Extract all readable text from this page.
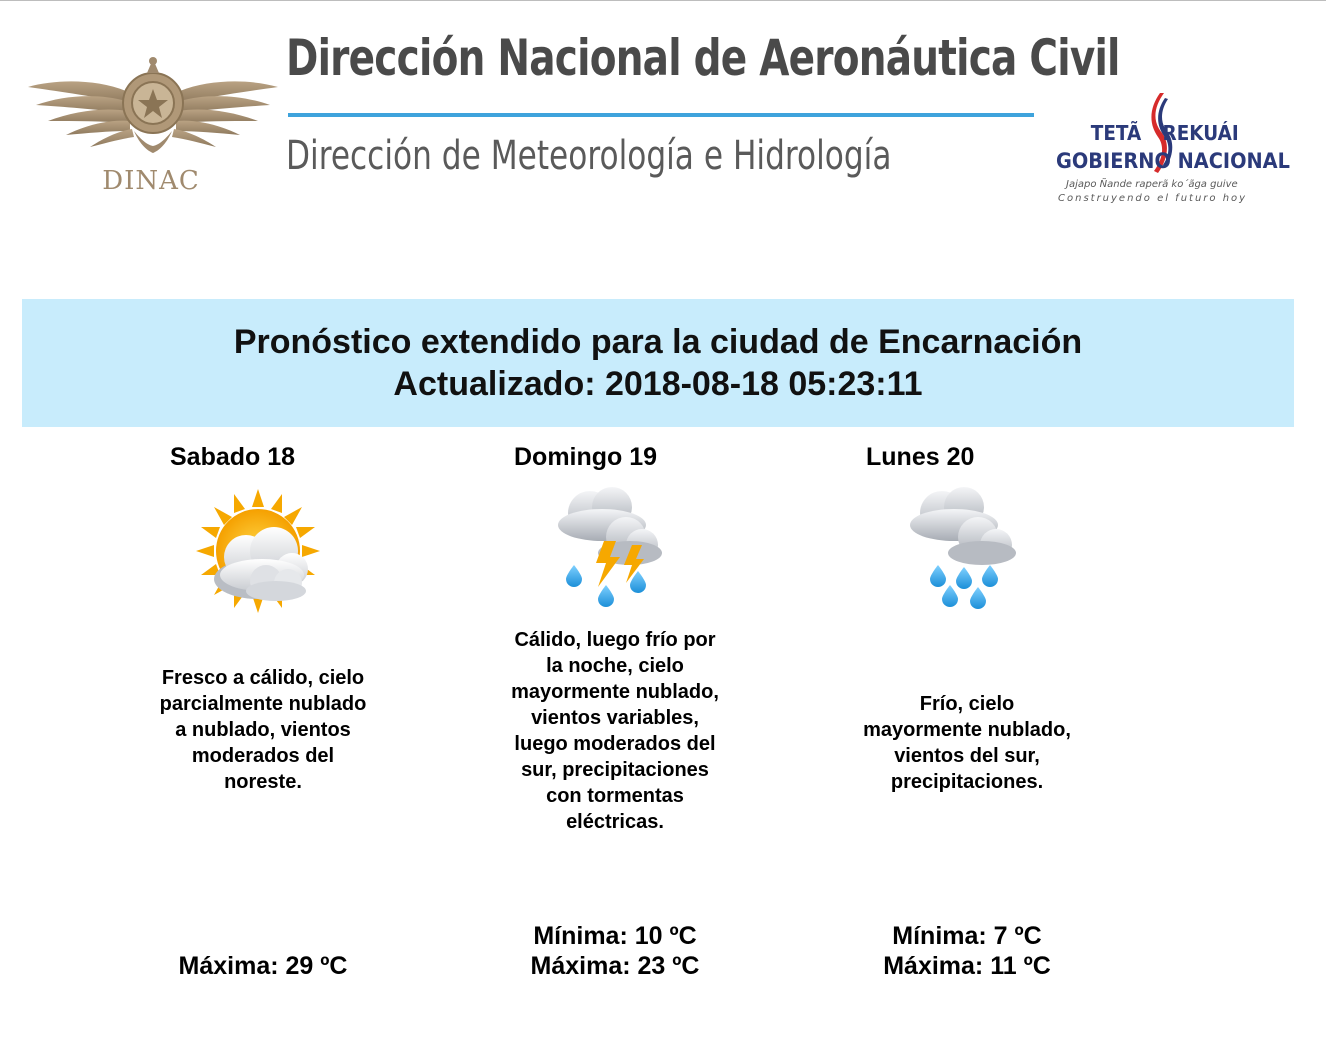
DINAC
Dirección Nacional de Aeronáutica Civil
Dirección de Meteorología e Hidrología	TETÃ REKUÁI
GOBIERNO NACIONAL
Jajapo Ñande raperã ko´ãga guive
Construyendo el futuro hoy
Pronóstico extendido para la ciudad de Encarnación
Actualizado: 2018-08-18 05:23:11
Sabado 18
Fresco a cálido, cielo parcialmente nublado a nublado, vientos moderados del noreste.
Máxima: 29 ºC
Domingo 19
Cálido, luego frío por la noche, cielo mayormente nublado, vientos variables, luego moderados del sur, precipitaciones con tormentas eléctricas.
Mínima: 10 ºC
Máxima: 23 ºC
Lunes 20
Frío, cielo mayormente nublado, vientos del sur, precipitaciones.
Mínima: 7 ºC
Máxima: 11 ºC
